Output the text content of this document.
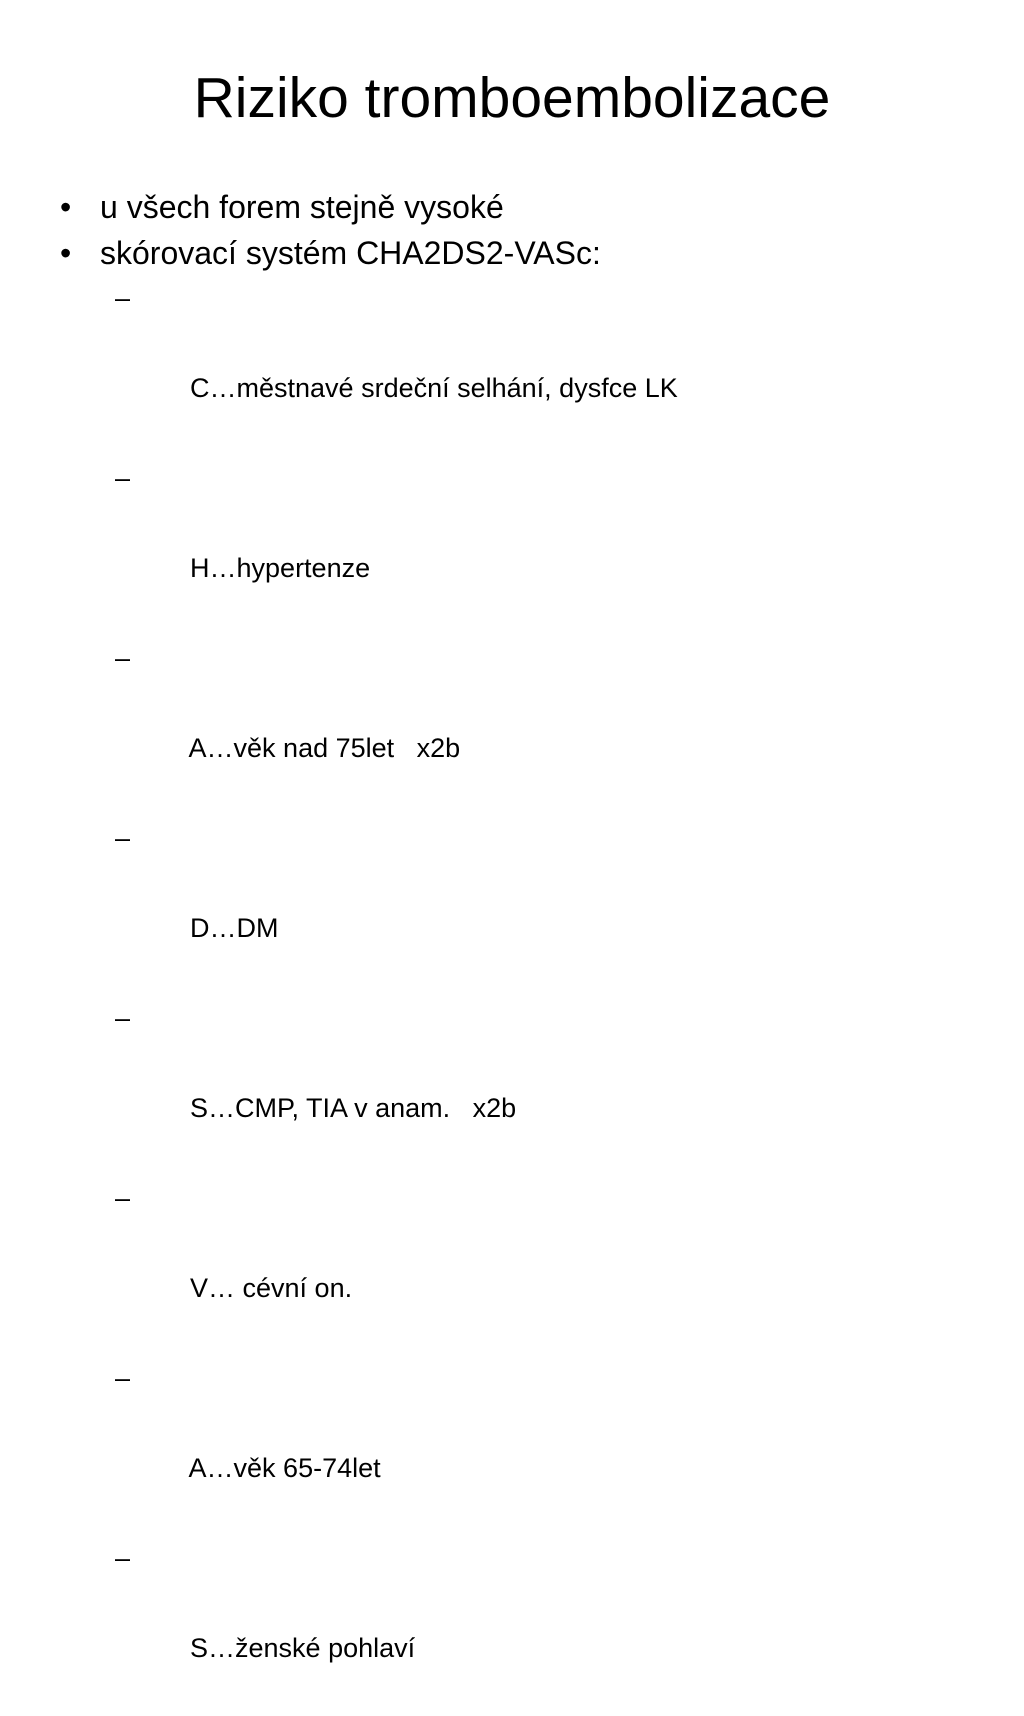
Riziko tromboembolizace
• u všech forem stejně vysoké
• skórovací systém CHA2DS2-VASc:

–

C…městnavé srdeční selhání, dysfce LK

–

H…hypertenze

–

A…věk nad 75let   x2b

–

D…DM

–

S…CMP, TIA v anam.   x2b

–

V… cévní on.

–

A…věk 65-74let

–

S…ženské pohlaví
